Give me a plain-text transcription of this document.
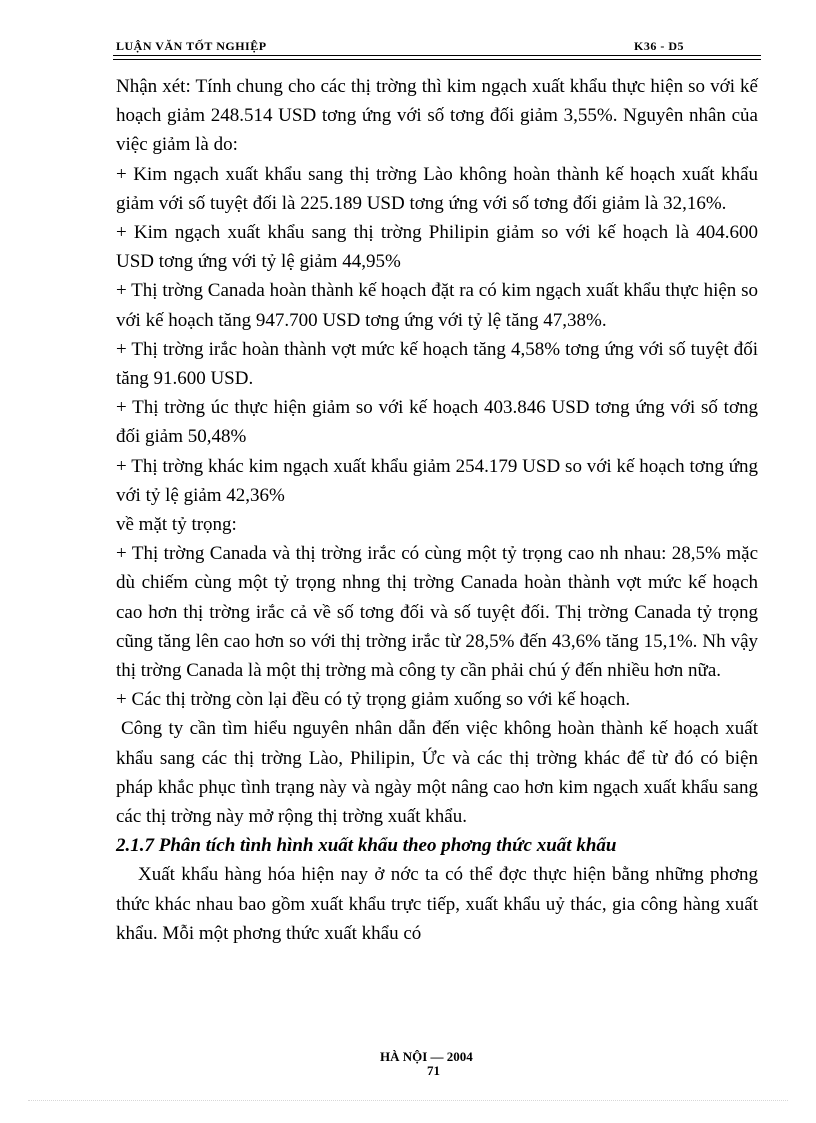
LUẬN VĂN TỐT NGHIỆP	K36 - D5

Nhận xét: Tính chung cho các thị trờng thì kim ngạch xuất khẩu thực hiện so với kế hoạch giảm 248.514 USD tơng ứng với số tơng đối giảm 3,55%. Nguyên nhân của việc giảm là do:

+ Kim ngạch xuất khẩu sang thị trờng Lào không hoàn thành kế hoạch xuất khẩu giảm với số tuyệt đối là 225.189 USD tơng ứng với số tơng đối giảm là 32,16%.

+ Kim ngạch xuất khẩu sang thị trờng Philipin giảm so với kế hoạch là 404.600 USD tơng ứng với tỷ lệ giảm 44,95%

+ Thị trờng Canada hoàn thành kế hoạch đặt ra có kim ngạch xuất khẩu thực hiện so với kế hoạch tăng 947.700 USD tơng ứng với tỷ lệ tăng 47,38%.

+ Thị trờng irắc hoàn thành vợt mức kế hoạch tăng 4,58% tơng ứng với số tuyệt đối tăng 91.600 USD.

+ Thị trờng úc thực hiện giảm so với kế hoạch 403.846 USD tơng ứng với số tơng đối giảm 50,48%

+ Thị trờng khác kim ngạch xuất khẩu giảm 254.179 USD so với kế hoạch tơng ứng với tỷ lệ giảm 42,36%

về mặt tỷ trọng:

+ Thị trờng Canada và thị trờng irắc có cùng một tỷ trọng cao nh nhau: 28,5% mặc dù chiếm cùng một tỷ trọng nhng thị trờng Canada hoàn thành vợt mức kế hoạch cao hơn thị trờng irắc cả về số tơng đối và số tuyệt đối. Thị trờng Canada tỷ trọng cũng tăng lên cao hơn so với thị trờng irắc từ 28,5% đến 43,6% tăng 15,1%. Nh vậy thị trờng Canada là một thị trờng mà công ty cần phải chú ý đến nhiều hơn nữa.

+ Các thị trờng còn lại đều có tỷ trọng giảm xuống so với kế hoạch.

Công ty cần tìm hiểu nguyên nhân dẫn đến việc không hoàn thành kế hoạch xuất khẩu sang các thị trờng Lào, Philipin, Ức và các thị trờng khác để từ đó có biện pháp khắc phục tình trạng này và ngày một nâng cao hơn kim ngạch xuất khẩu sang các thị trờng này mở rộng thị trờng xuất khẩu.

2.1.7 Phân tích tình hình xuất khẩu theo phơng thức xuất khẩu

Xuất khẩu hàng hóa hiện nay ở nớc ta có thể đợc thực hiện bằng những phơng thức khác nhau bao gồm xuất khẩu trực tiếp, xuất khẩu uỷ thác, gia công hàng xuất khẩu. Mỗi một phơng thức xuất khẩu có

HÀ NỘI — 2004
71
